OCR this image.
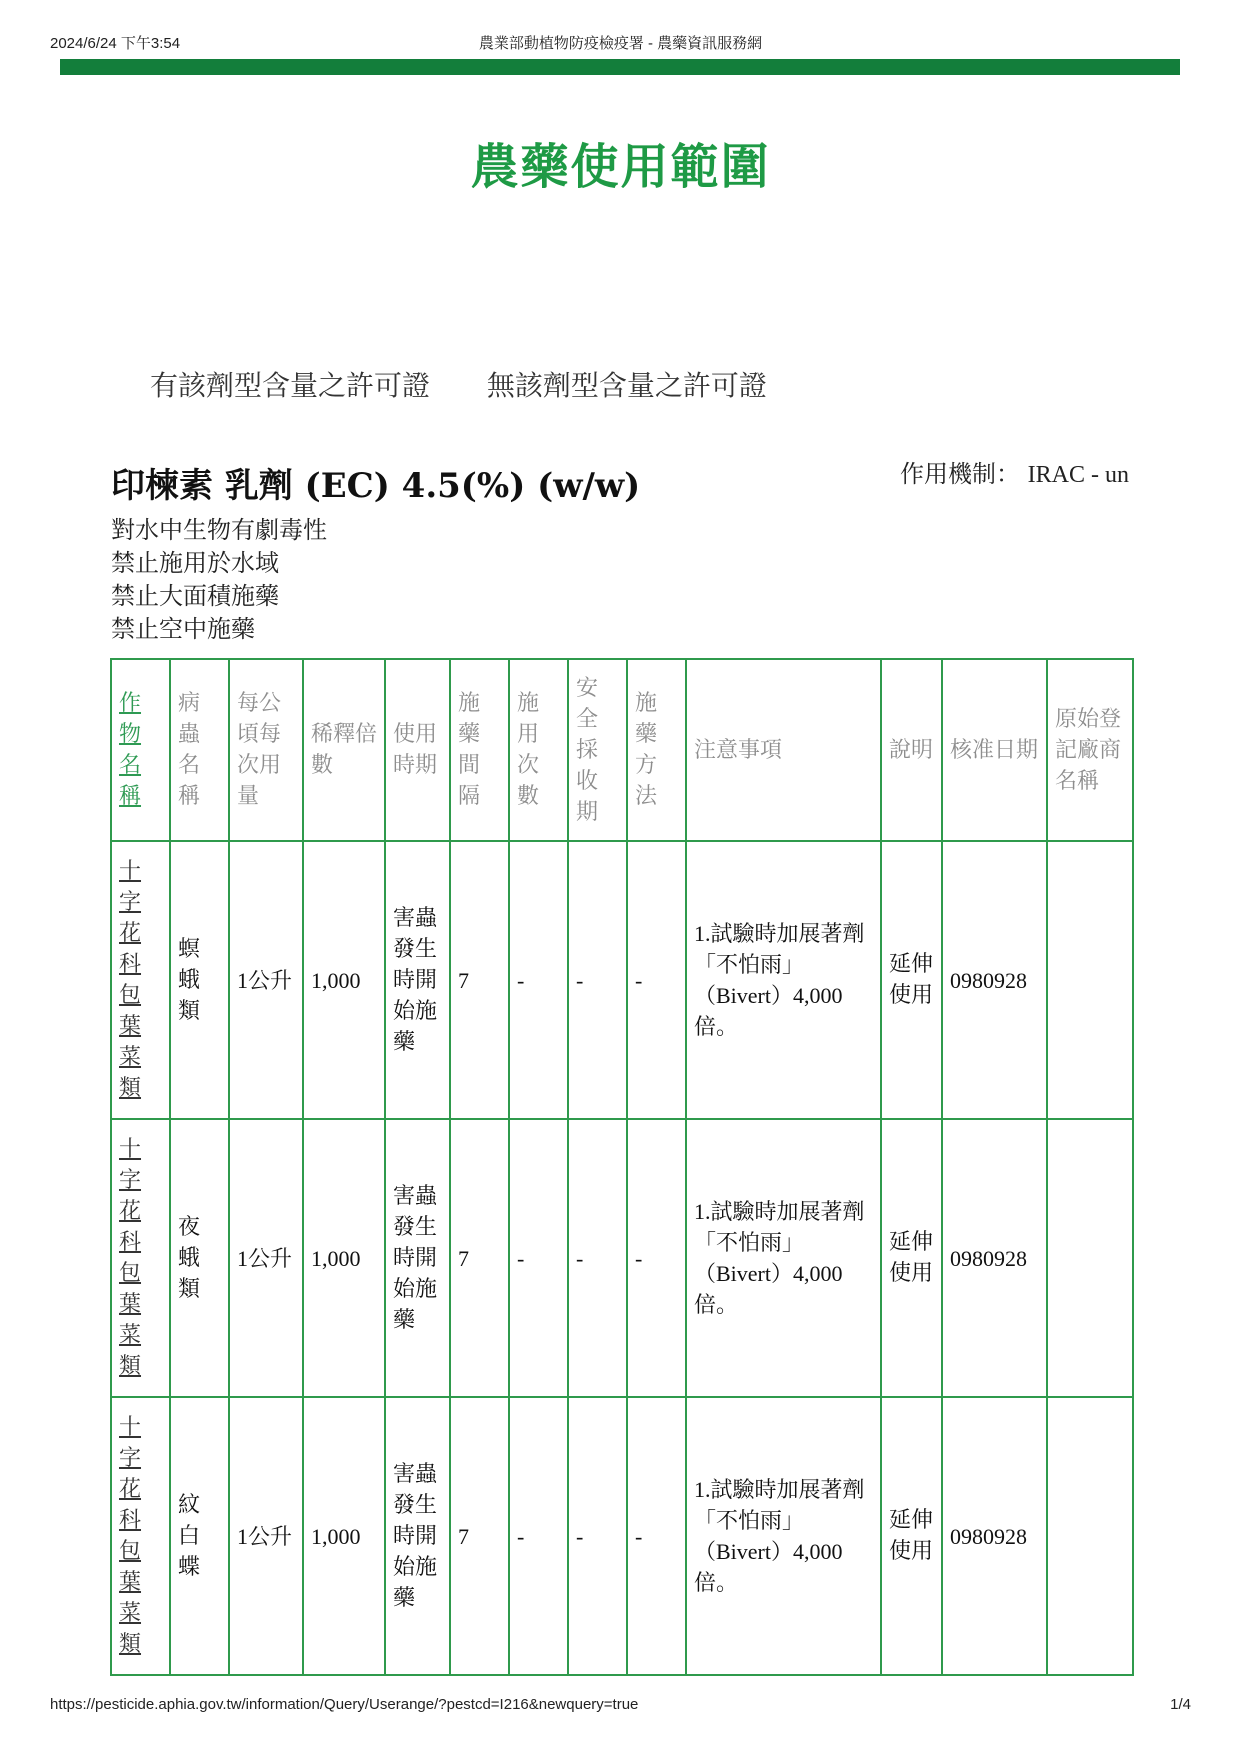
2024/6/24 下午3:54	農業部動植物防疫檢疫署 - 農藥資訊服務網
農藥使用範圍
有該劑型含量之許可證 無該劑型含量之許可證
印楝素 乳劑 (EC) 4.5(%) (w/w)	作用機制： IRAC - un
對水中生物有劇毒性
禁止施用於水域
禁止大面積施藥
禁止空中施藥
作物名稱	病蟲名稱	每公頃每次用量	稀釋倍數	使用時期	施藥間隔	施用次數	安全採收期	施藥方法	注意事項	說明	核准日期	原始登記廠商名稱
十字花科包葉菜類	螟蛾類	1公升	1,000	害蟲發生時開始施藥	7	-	-	-	1.試驗時加展著劑「不怕雨」（Bivert）4,000倍。	延伸使用	0980928	
十字花科包葉菜類	夜蛾類	1公升	1,000	害蟲發生時開始施藥	7	-	-	-	1.試驗時加展著劑「不怕雨」（Bivert）4,000倍。	延伸使用	0980928	
十字花科包葉菜類	紋白蝶	1公升	1,000	害蟲發生時開始施藥	7	-	-	-	1.試驗時加展著劑「不怕雨」（Bivert）4,000倍。	延伸使用	0980928	
https://pesticide.aphia.gov.tw/information/Query/Userange/?pestcd=I216&newquery=true	1/4
